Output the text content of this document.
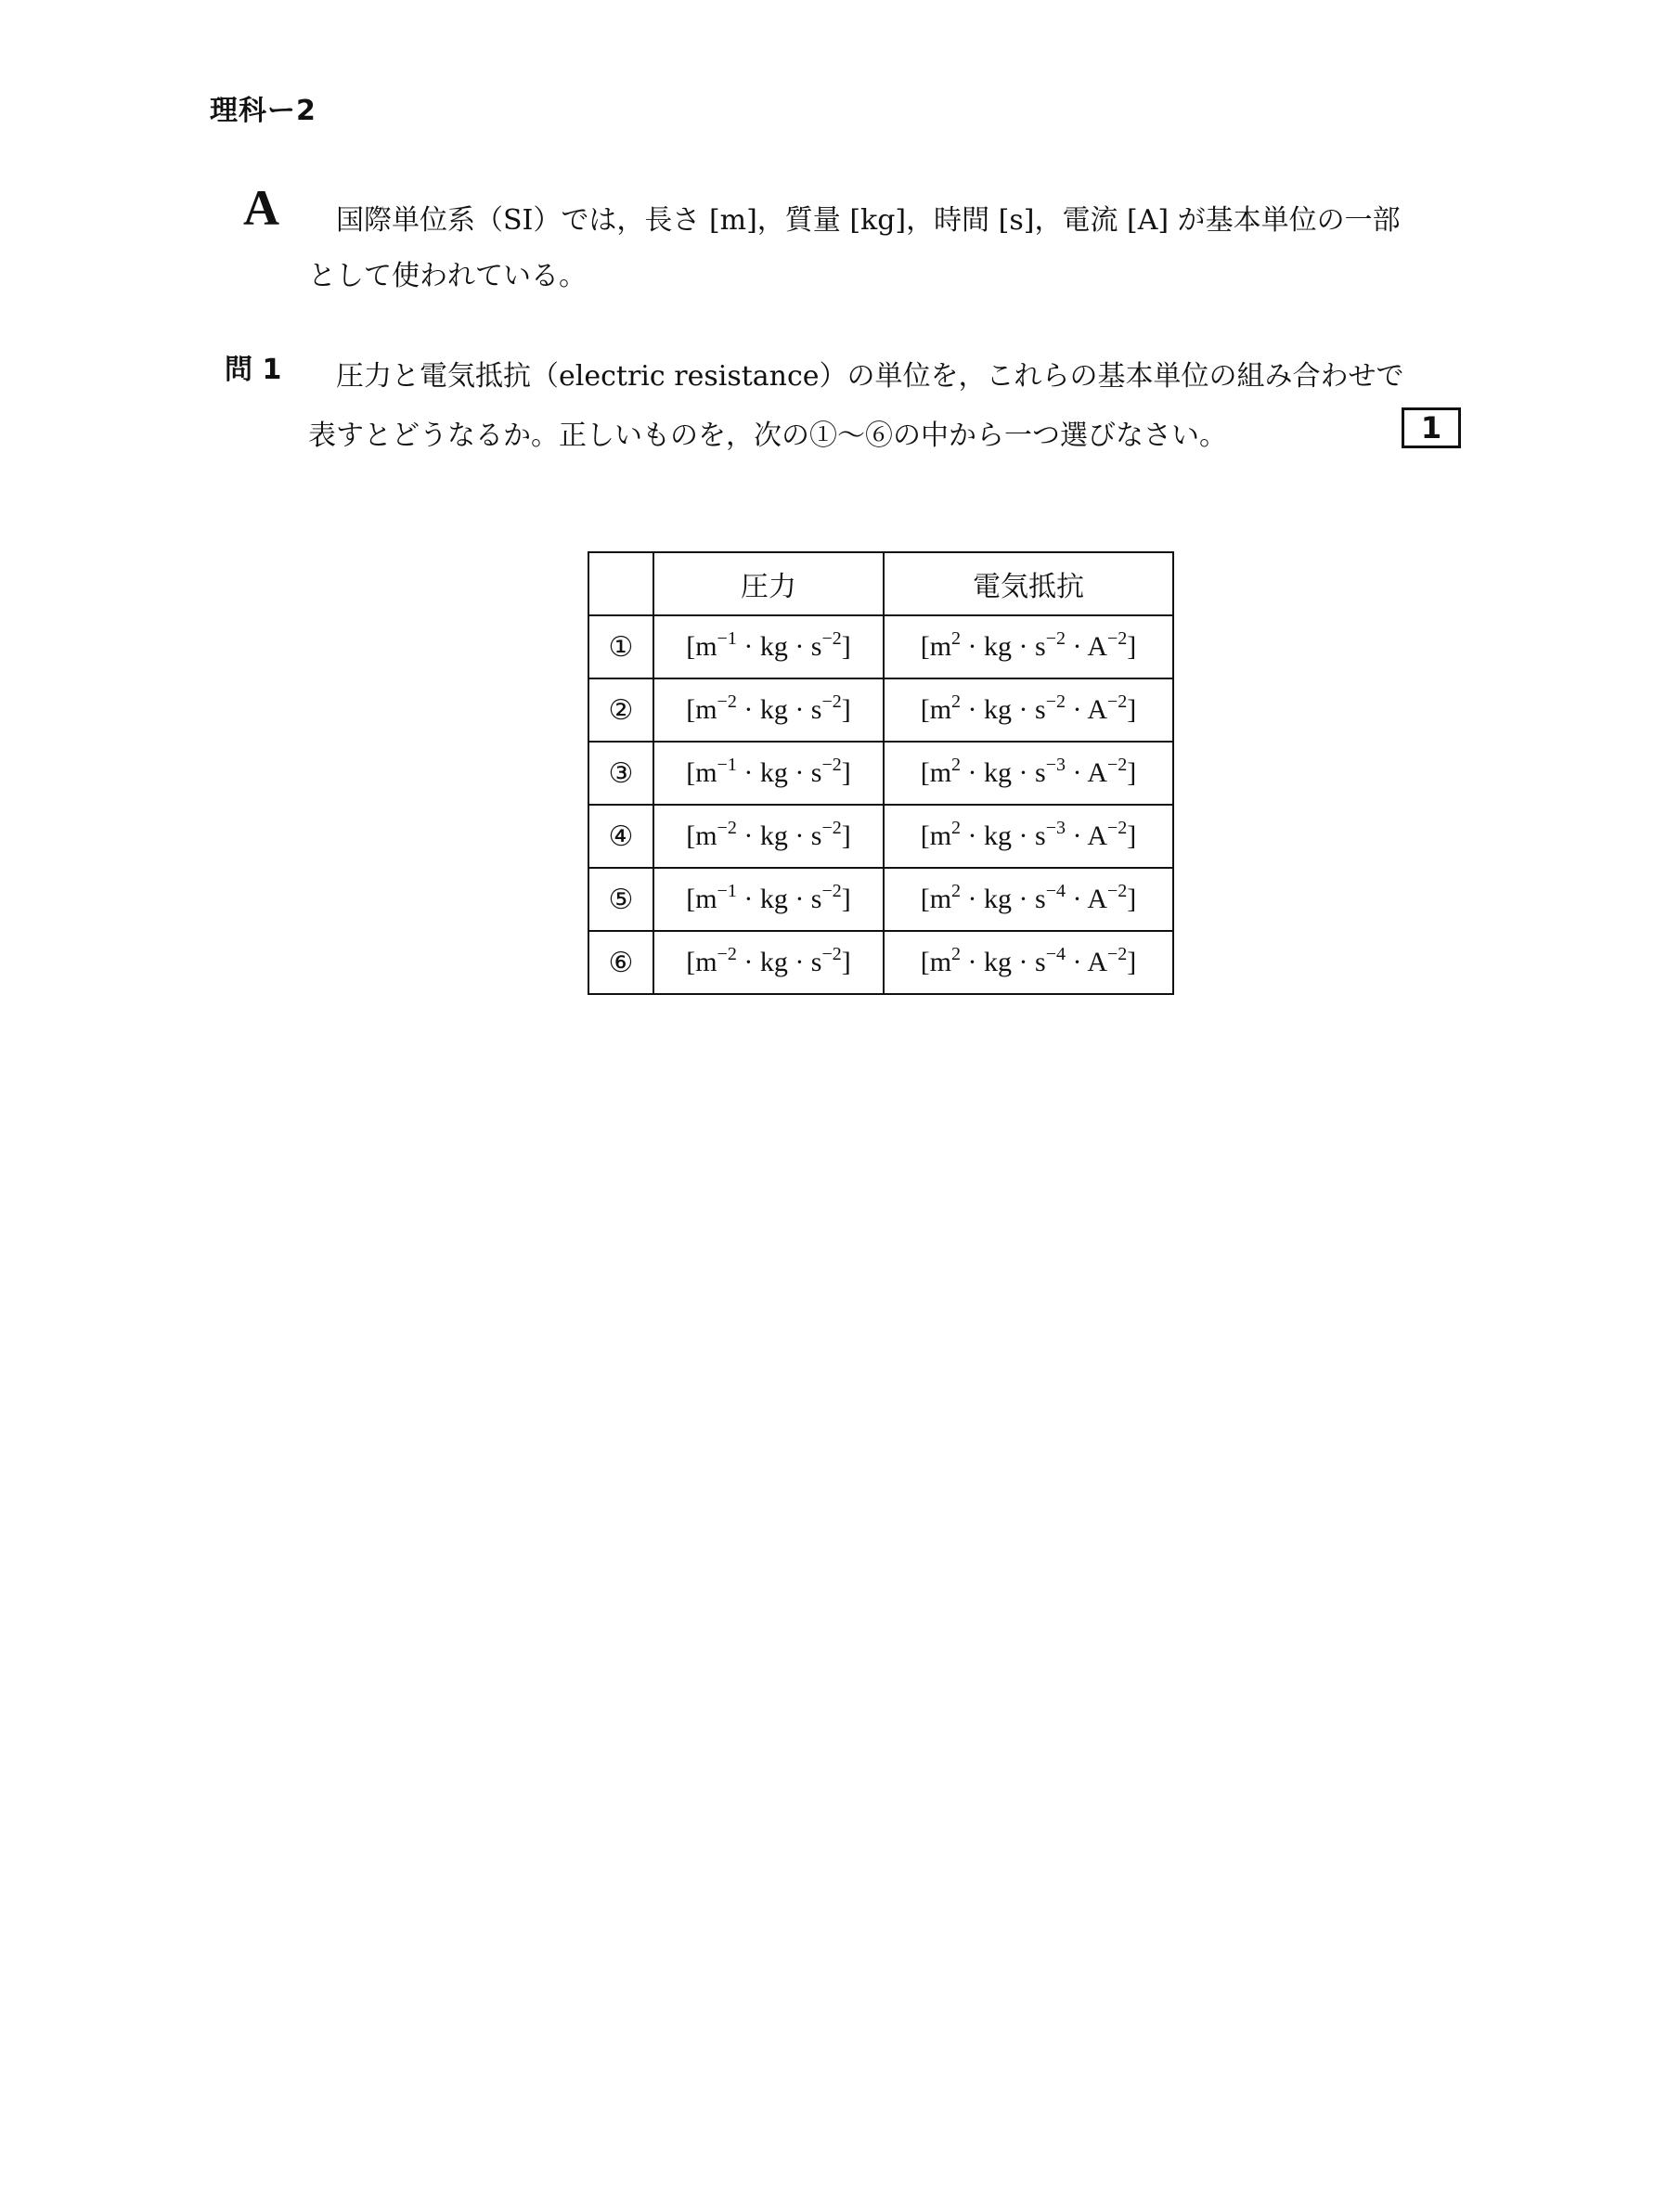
理科ー2
A	国際単位系（SI）では，長さ [m]，質量 [kg]，時間 [s]，電流 [A] が基本単位の一部
として使われている。
問 1	圧力と電気抵抗（electric resistance）の単位を，これらの基本単位の組み合わせで
表すとどうなるか。正しいものを，次の①～⑥の中から一つ選びなさい。	1
	圧力	電気抵抗
①	[$m^{-1}$ · kg · $s^{-2}$]	[$m^2$ · kg · $s^{-2} \cdot A^{-2}$]
②	[$m^{-2}$ · kg · $s^{-2}$]	[$m^2$ · kg · $s^{-2} \cdot A^{-2}$]
③	[$m^{-1}$ · kg · $s^{-2}$]	[$m^2$ · kg · $s^{-3} \cdot A^{-2}$]
④	[$m^{-2}$ · kg · $s^{-2}$]	[$m^2$ · kg · $s^{-3} \cdot A^{-2}$]
⑤	[$m^{-1}$ · kg · $s^{-2}$]	[$m^2$ · kg · $s^{-4} \cdot A^{-2}$]
⑥	[$m^{-2}$ · kg · $s^{-2}$]	[$m^2$ · kg · $s^{-4} \cdot A^{-2}$]
